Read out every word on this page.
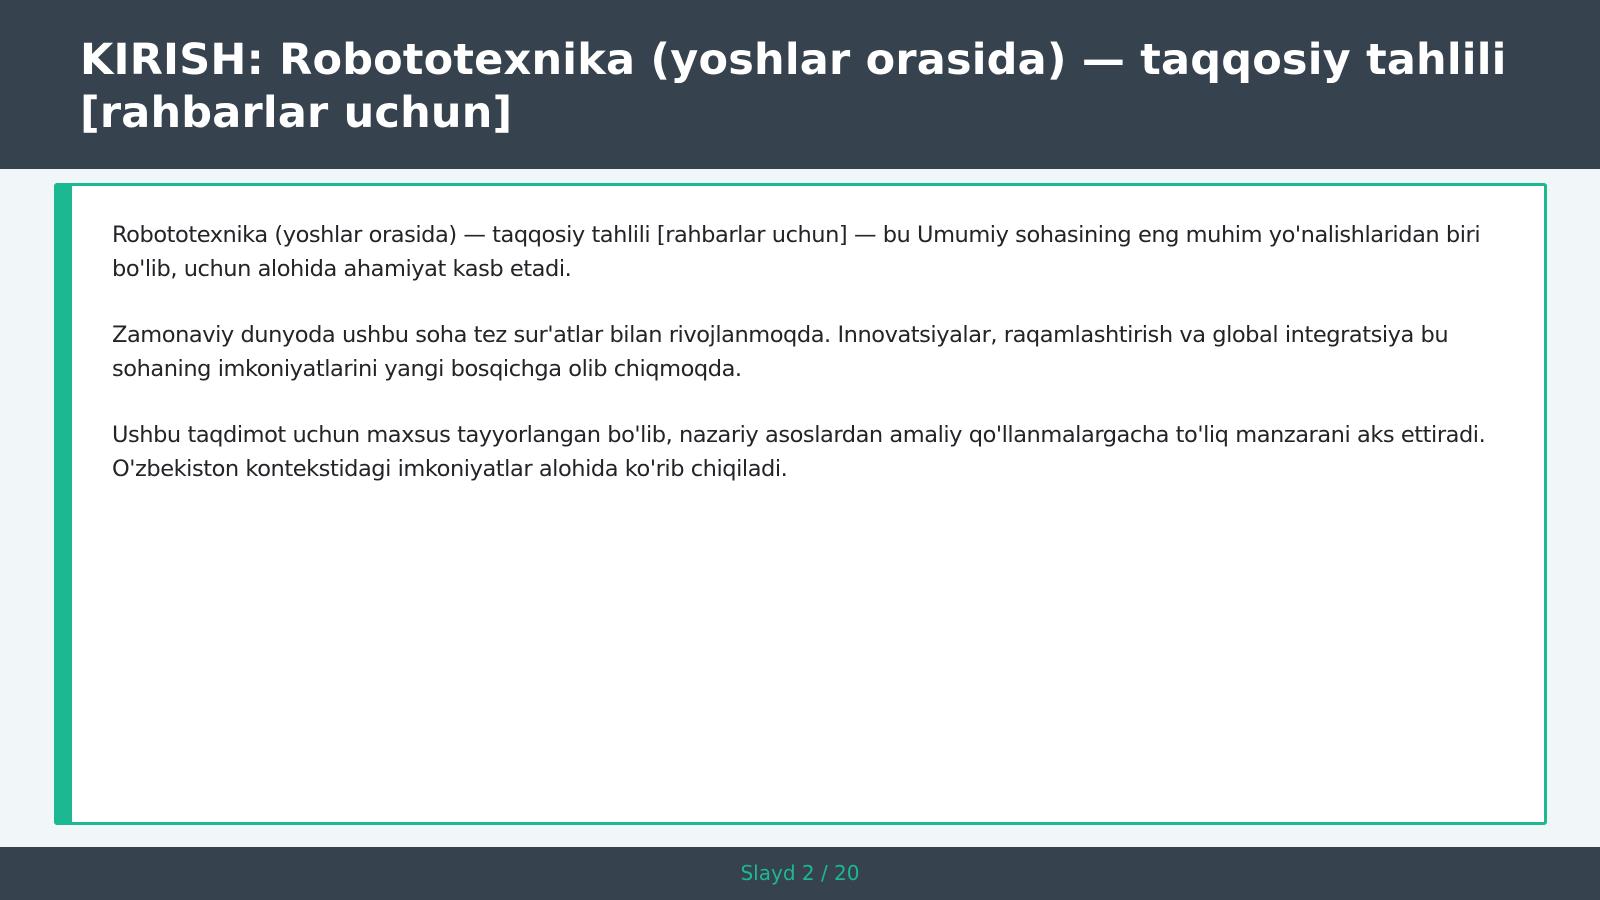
KIRISH: Robototexnika (yoshlar orasida) — taqqosiy tahlili [rahbarlar uchun]

Robototexnika (yoshlar orasida) — taqqosiy tahlili [rahbarlar uchun] — bu Umumiy sohasining eng muhim yo'nalishlaridan biri bo'lib, uchun alohida ahamiyat kasb etadi.

Zamonaviy dunyoda ushbu soha tez sur'atlar bilan rivojlanmoqda. Innovatsiyalar, raqamlashtirish va global integratsiya bu sohaning imkoniyatlarini yangi bosqichga olib chiqmoqda.

Ushbu taqdimot uchun maxsus tayyorlangan bo'lib, nazariy asoslardan amaliy qo'llanmalargacha to'liq manzarani aks ettiradi. O'zbekiston kontekstidagi imkoniyatlar alohida ko'rib chiqiladi.

Slayd 2 / 20
